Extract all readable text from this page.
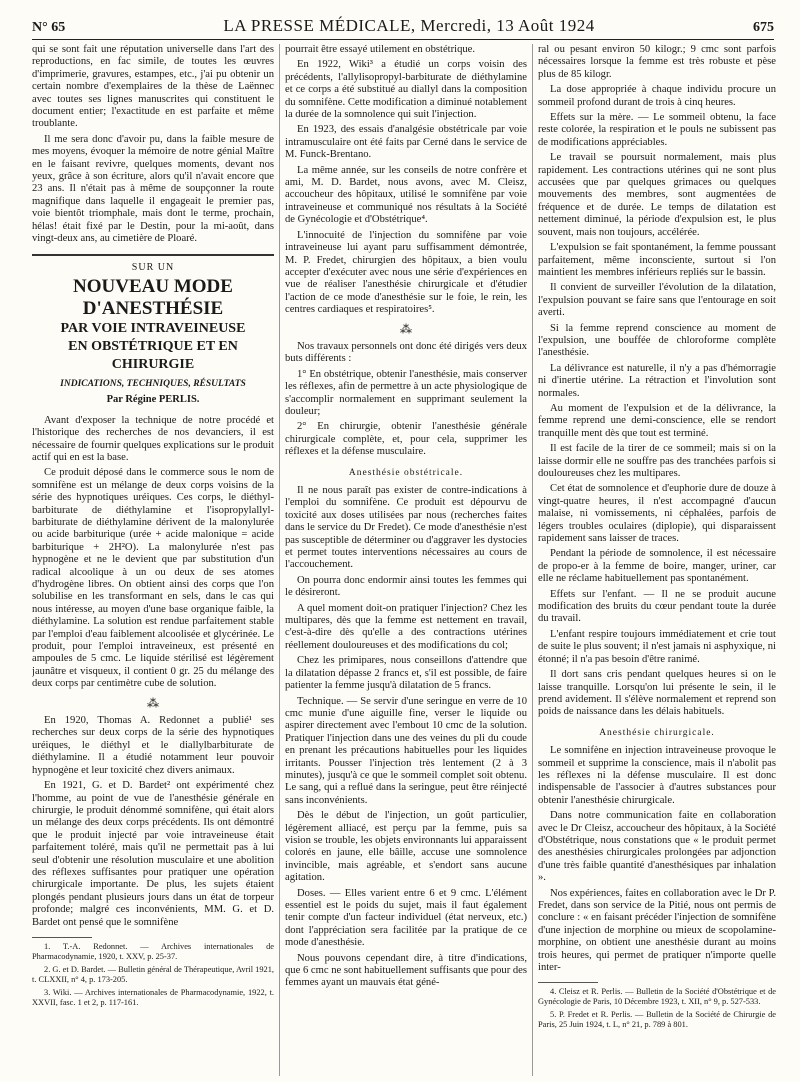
N° 65	LA PRESSE MÉDICALE, Mercredi, 13 Août 1924	675

qui se sont fait une réputation universelle dans l'art des reproductions, en fac simile, de toutes les œuvres d'imprimerie, gravures, estampes, etc., j'ai pu obtenir un certain nombre d'exemplaires de la thèse de Laënnec avec toutes ses lignes manuscrites qui constituent le document entier; l'exactitude en est parfaite et même troublante.

Il me sera donc d'avoir pu, dans la faible mesure de mes moyens, évoquer la mémoire de notre génial Maître en le faisant revivre, quelques moments, devant nos yeux, grâce à son écriture, alors qu'il n'avait encore que 23 ans. Il n'était pas à même de soupçonner la route magnifique dans laquelle il engageait le premier pas, voie bientôt triomphale, mais dont le terme, prochain, hélas! était fixé par le Destin, pour la mi-août, dans vingt-deux ans, au cimetière de Ploaré.

SUR UN
NOUVEAU MODE D'ANESTHÉSIE
PAR VOIE INTRAVEINEUSE
EN OBSTÉTRIQUE ET EN CHIRURGIE
INDICATIONS, TECHNIQUES, RÉSULTATS
Par Régine PERLIS.

Avant d'exposer la technique de notre procédé et l'historique des recherches de nos devanciers, il est nécessaire de fournir quelques explications sur le produit actif qui en est la base.

Ce produit déposé dans le commerce sous le nom de somnifène est un mélange de deux corps voisins de la série des hypnotiques uréiques. Ces corps, le diéthyl-barbiturate de diéthylamine et l'isopropylallyl-barbiturate de diéthylamine dérivent de la malonylurée ou acide barbiturique (urée + acide malonique = acide barbiturique + 2H²O). La malonylurée n'est pas hypnogène et ne le devient que par substitution d'un radical alcoolique à un ou deux de ses atomes d'hydrogène libres. On obtient ainsi des corps que l'on solubilise en les transformant en sels, dans le cas qui nous intéresse, au moyen d'une base organique faible, la diéthylamine. La solution est rendue parfaitement stable par l'emploi d'eau faiblement alcoolisée et glycérinée. Le produit, pour l'emploi intraveineux, est présenté en ampoules de 5 cmc. Le liquide stérilisé est légèrement jaunâtre et visqueux, il contient 0 gr. 25 du mélange des deux corps par centimètre cube de solution.

⁂

En 1920, Thomas A. Redonnet a publié¹ ses recherches sur deux corps de la série des hypnotiques uréiques, le diéthyl et le diallylbarbiturate de diéthylamine. Il a étudié notamment leur pouvoir hypnogène et leur toxicité chez divers animaux.

En 1921, G. et D. Bardet² ont expérimenté chez l'homme, au point de vue de l'anesthésie générale en chirurgie, le produit dénommé somnifène, qui était alors un mélange des deux corps précédents. Ils ont démontré que le produit injecté par voie intraveineuse était parfaitement toléré, mais qu'il ne permettait pas à lui seul d'obtenir une résolution musculaire et une abolition des réflexes suffisantes pour pratiquer une opération chirurgicale importante. De plus, les sujets étaient plongés pendant plusieurs jours dans un état de torpeur profonde; malgré ces inconvénients, MM. G. et D. Bardet ont pensé que le somnifène

1. T.-A. Redonnet. — Archives internationales de Pharmacodynamie, 1920, t. XXV, p. 25-37.

2. G. et D. Bardet. — Bulletin général de Thérapeutique, Avril 1921, t. CLXXII, n° 4, p. 173-205.

3. Wiki. — Archives internationales de Pharmacodynamie, 1922, t. XXVII, fasc. 1 et 2, p. 117-161.

pourrait être essayé utilement en obstétrique.

En 1922, Wiki³ a étudié un corps voisin des précédents, l'allylisopropyl-barbiturate de diéthylamine et ce corps a été substitué au diallyl dans la composition du somnifène. Cette modification a diminué notablement la durée de la somnolence qui suit l'injection.

En 1923, des essais d'analgésie obstétricale par voie intramusculaire ont été faits par Cerné dans le service de M. Funck-Brentano.

La même année, sur les conseils de notre confrère et ami, M. D. Bardet, nous avons, avec M. Cleisz, accoucheur des hôpitaux, utilisé le somnifène par voie intraveineuse et communiqué nos résultats à la Société de Gynécologie et d'Obstétrique⁴.

L'innocuité de l'injection du somnifène par voie intraveineuse lui ayant paru suffisamment démontrée, M. P. Fredet, chirurgien des hôpitaux, a bien voulu accepter d'exécuter avec nous une série d'expériences en vue de réaliser l'anesthésie chirurgicale et d'étudier l'action de ce mode d'anesthésie sur le foie, le rein, les centres cardiaques et respiratoires⁵.

⁂

Nos travaux personnels ont donc été dirigés vers deux buts différents :

1° En obstétrique, obtenir l'anesthésie, mais conserver les réflexes, afin de permettre à un acte physiologique de s'accomplir normalement en supprimant seulement la douleur;

2° En chirurgie, obtenir l'anesthésie générale chirurgicale complète, et, pour cela, supprimer les réflexes et la défense musculaire.

Anesthésie obstétricale.

Il ne nous paraît pas exister de contre-indications à l'emploi du somnifène. Ce produit est dépourvu de toxicité aux doses utilisées par nous (recherches faites dans le service du Dr Fredet). Ce mode d'anesthésie n'est pas susceptible de déterminer ou d'aggraver les dystocies et permet toutes interventions nécessaires au cours de l'accouchement.

On pourra donc endormir ainsi toutes les femmes qui le désireront.

A quel moment doit-on pratiquer l'injection? Chez les multipares, dès que la femme est nettement en travail, c'est-à-dire dès qu'elle a des contractions utérines réellement douloureuses et des modifications du col;

Chez les primipares, nous conseillons d'attendre que la dilatation dépasse 2 francs et, s'il est possible, de faire patienter la femme jusqu'à dilatation de 5 francs.

Technique. — Se servir d'une seringue en verre de 10 cmc munie d'une aiguille fine, verser le liquide ou aspirer directement avec l'embout 10 cmc de la solution. Pratiquer l'injection dans une des veines du pli du coude en prenant les précautions habituelles pour les liquides irritants. Pousser l'injection très lentement (2 à 3 minutes), jusqu'à ce que le sommeil complet soit obtenu. Le sang, qui a reflué dans la seringue, peut être réinjecté sans inconvénients.

Dès le début de l'injection, un goût particulier, légèrement alliacé, est perçu par la femme, puis sa vision se trouble, les objets environnants lui apparaissent colorés en jaune, elle bâille, accuse une somnolence invincible, mais agréable, et s'endort sans aucune agitation.

Doses. — Elles varient entre 6 et 9 cmc. L'élément essentiel est le poids du sujet, mais il faut également tenir compte d'un facteur individuel (état nerveux, etc.) dont l'appréciation sera facilitée par la pratique de ce mode d'anesthésie.

Nous pouvons cependant dire, à titre d'indications, que 6 cmc ne sont habituellement suffisants que pour des femmes ayant un mauvais état géné-

ral ou pesant environ 50 kilogr.; 9 cmc sont parfois nécessaires lorsque la femme est très robuste et pèse plus de 85 kilogr.

La dose appropriée à chaque individu procure un sommeil profond durant de trois à cinq heures.

Effets sur la mère. — Le sommeil obtenu, la face reste colorée, la respiration et le pouls ne subissent pas de modifications appréciables.

Le travail se poursuit normalement, mais plus rapidement. Les contractions utérines qui ne sont plus accusées que par quelques grimaces ou quelques mouvements des membres, sont augmentées de fréquence et de durée. Le temps de dilatation est nettement diminué, la période d'expulsion est, le plus souvent, mais non toujours, accélérée.

L'expulsion se fait spontanément, la femme poussant parfaitement, même inconsciente, surtout si l'on maintient les membres inférieurs repliés sur le bassin.

Il convient de surveiller l'évolution de la dilatation, l'expulsion pouvant se faire sans que l'entourage en soit averti.

Si la femme reprend conscience au moment de l'expulsion, une bouffée de chloroforme complète l'anesthésie.

La délivrance est naturelle, il n'y a pas d'hémorragie ni d'inertie utérine. La rétraction et l'involution sont normales.

Au moment de l'expulsion et de la délivrance, la femme reprend une demi-conscience, elle se rendort tranquille ment dès que tout est terminé.

Il est facile de la tirer de ce sommeil; mais si on la laisse dormir elle ne souffre pas des tranchées parfois si douloureuses chez les multipares.

Cet état de somnolence et d'euphorie dure de douze à vingt-quatre heures, il n'est accompagné d'aucun malaise, ni vomissements, ni céphalées, parfois de légers troubles oculaires (diplopie), qui disparaissent rapidement sans laisser de traces.

Pendant la période de somnolence, il est nécessaire de propo-er à la femme de boire, manger, uriner, car elle ne réclame habituellement pas spontanément.

Effets sur l'enfant. — Il ne se produit aucune modification des bruits du cœur pendant toute la durée du travail.

L'enfant respire toujours immédiatement et crie tout de suite le plus souvent; il n'est jamais ni asphyxique, ni étonné; il n'a pas besoin d'être ranimé.

Il dort sans cris pendant quelques heures si on le laisse tranquille. Lorsqu'on lui présente le sein, il le prend avidement. Il s'élève normalement et reprend son poids de naissance dans les délais habituels.

Anesthésie chirurgicale.

Le somnifène en injection intraveineuse provoque le sommeil et supprime la conscience, mais il n'abolit pas les réflexes ni la défense musculaire. Il est donc indispensable de l'associer à d'autres substances pour obtenir l'anesthésie chirurgicale.

Dans notre communication faite en collaboration avec le Dr Cleisz, accoucheur des hôpitaux, à la Société d'Obstétrique, nous constations que « le produit permet des anesthésies chirurgicales prolongées par adjonction d'une très faible quantité d'anesthésiques par inhalation ».

Nos expériences, faites en collaboration avec le Dr P. Fredet, dans son service de la Pitié, nous ont permis de conclure : « en faisant précéder l'injection de somnifène d'une injection de morphine ou mieux de scopolamine-morphine, on obtient une anesthésie durant au moins trois heures, qui permet de pratiquer n'importe quelle inter-

4. Cleisz et R. Perlis. — Bulletin de la Société d'Obstétrique et de Gynécologie de Paris, 10 Décembre 1923, t. XII, n° 9, p. 527-533.

5. P. Fredet et R. Perlis. — Bulletin de la Société de Chirurgie de Paris, 25 Juin 1924, t. L, n° 21, p. 789 à 801.
